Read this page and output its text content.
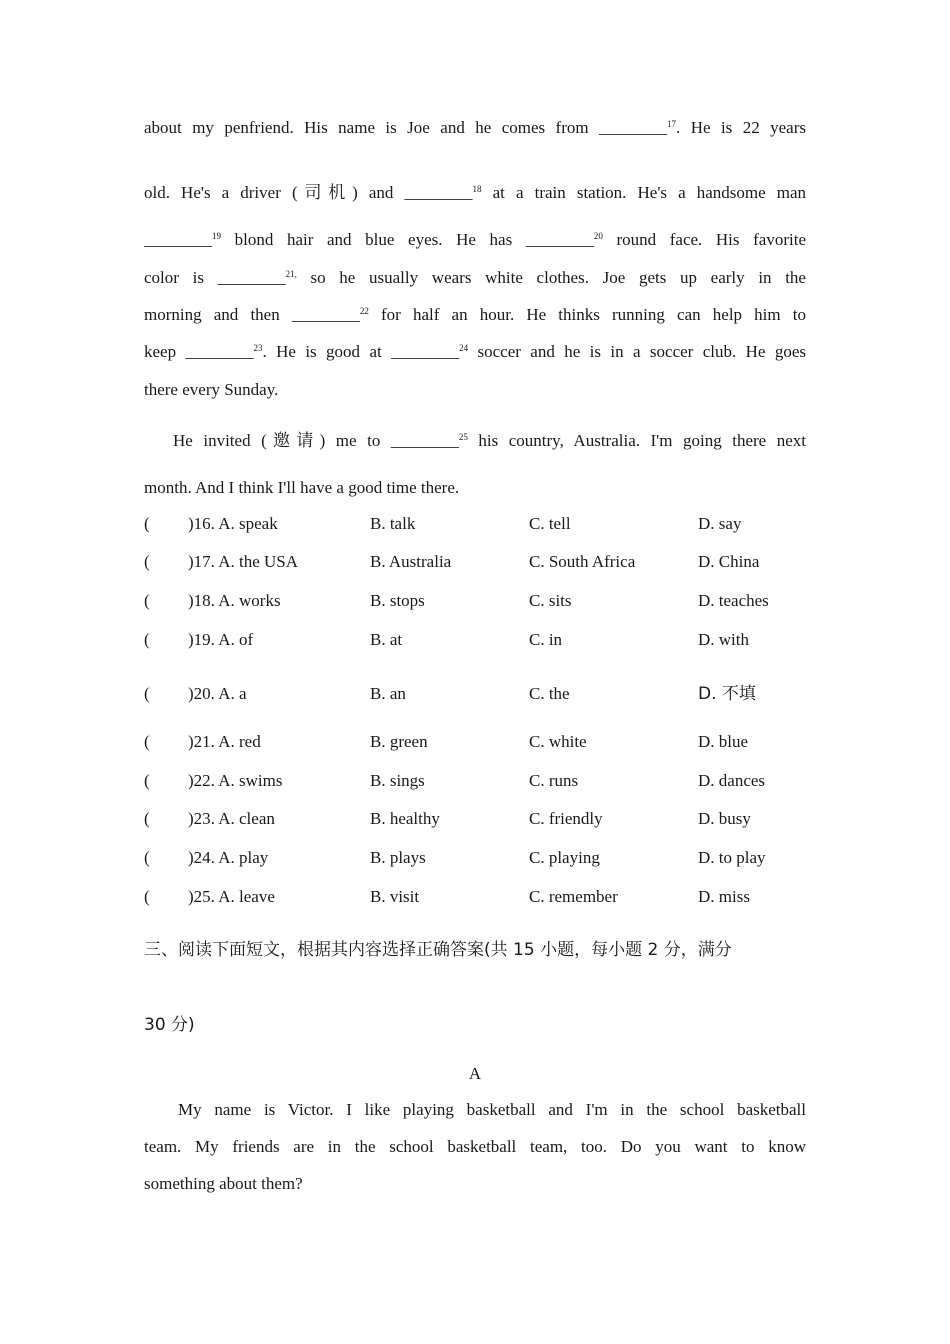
about my penfriend. His name is Joe and he comes from ________$^{17}$. He is 22 years
old. He's a driver (司机) and ________$^{18}$ at a train station. He's a handsome man
________$^{19}$ blond hair and blue eyes. He has ________$^{20}$ round face. His favorite
color is ________$^{21,}$ so he usually wears white clothes. Joe gets up early in the
morning and then ________$^{22}$ for half an hour. He thinks running can help him to
keep ________$^{23}$. He is good at ________$^{24}$ soccer and he is in a soccer club. He goes
there every Sunday.
He invited (邀请) me to ________$^{25}$ his country, Australia. I'm going there next
month. And I think I'll have a good time there.
( )16. A. speak	B. talk	C. tell	D. say
( )17. A. the USA	B. Australia	C. South Africa	D. China
( )18. A. works	B. stops	C. sits	D. teaches
( )19. A. of	B. at	C. in	D. with
( )20. A. a	B. an	C. the	D. 不填
( )21. A. red	B. green	C. white	D. blue
( )22. A. swims	B. sings	C. runs	D. dances
( )23. A. clean	B. healthy	C. friendly	D. busy
( )24. A. play	B. plays	C. playing	D. to play
( )25. A. leave	B. visit	C. remember	D. miss
三、阅读下面短文，根据其内容选择正确答案(共 15 小题，每小题 2 分，满分
30 分)
A
My name is Victor. I like playing basketball and I'm in the school basketball
team. My friends are in the school basketball team, too. Do you want to know
something about them?
